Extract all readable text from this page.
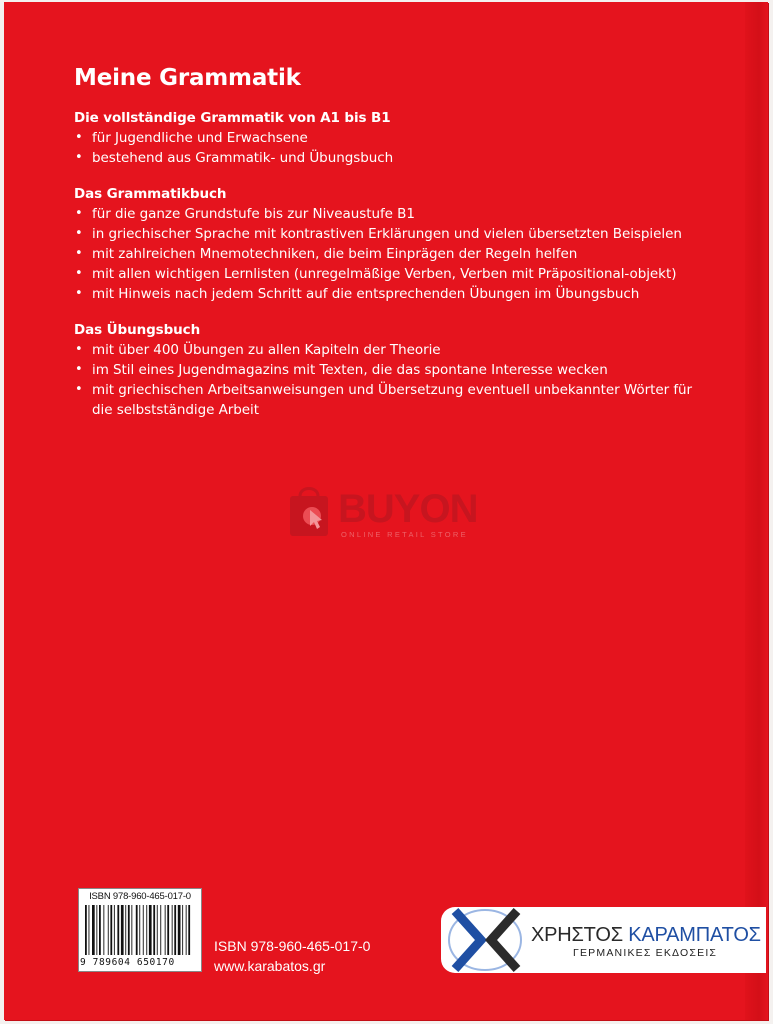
Meine Grammatik
Die vollständige Grammatik von A1 bis B1
• für Jugendliche und Erwachsene
• bestehend aus Grammatik- und Übungsbuch
Das Grammatikbuch
• für die ganze Grundstufe bis zur Niveaustufe B1
• in griechischer Sprache mit kontrastiven Erklärungen und vielen übersetzten Beispielen
• mit zahlreichen Mnemotechniken, die beim Einprägen der Regeln helfen
• mit allen wichtigen Lernlisten (unregelmäßige Verben, Verben mit Präpositional-objekt)
• mit Hinweis nach jedem Schritt auf die entsprechenden Übungen im Übungsbuch
Das Übungsbuch
• mit über 400 Übungen zu allen Kapiteln der Theorie
• im Stil eines Jugendmagazins mit Texten, die das spontane Interesse wecken
• mit griechischen Arbeitsanweisungen und Übersetzung eventuell unbekannter Wörter für die selbstständige Arbeit
BUYON
ONLINE RETAIL STORE
ISBN 978-960-465-017-0
9 789604 650170
ISBN 978-960-465-017-0
www.karabatos.gr
ΧΡΗΣΤΟΣ ΚΑΡΑΜΠΑΤΟΣ
ΓΕΡΜΑΝΙΚΕΣ ΕΚΔΟΣΕΙΣ
